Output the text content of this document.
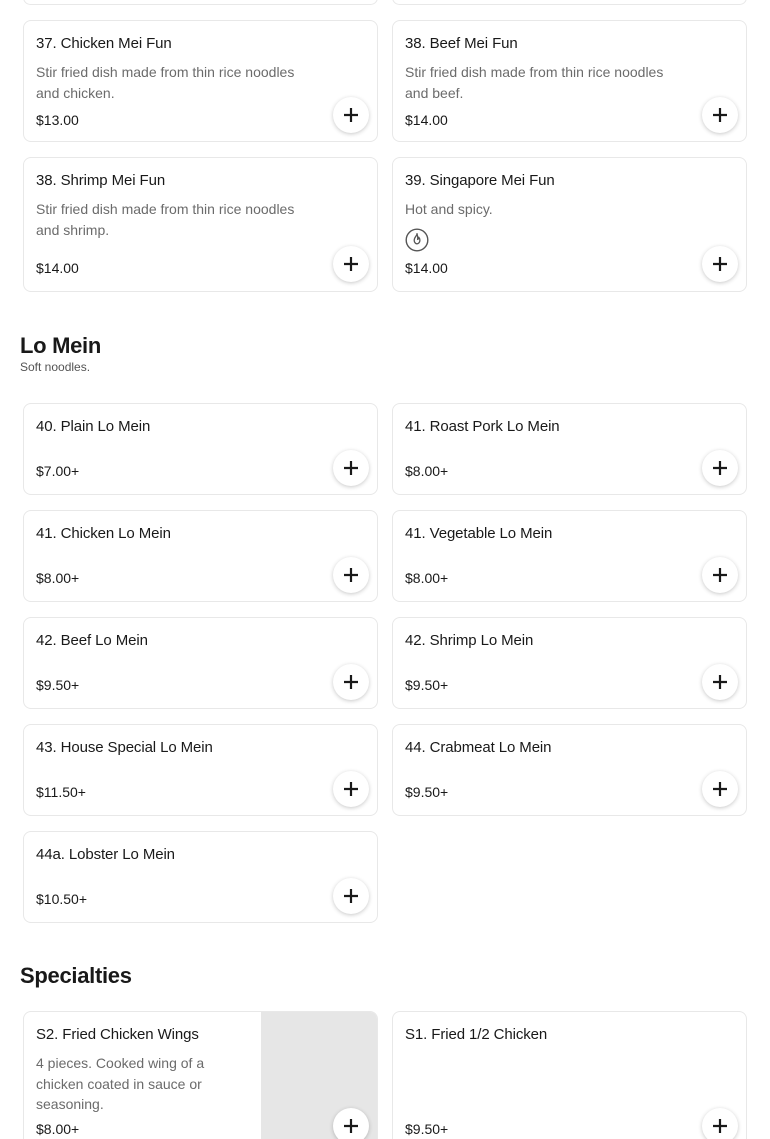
37. Chicken Mei Fun
Stir fried dish made from thin rice noodles and chicken.
$13.00
38. Beef Mei Fun
Stir fried dish made from thin rice noodles and beef.
$14.00
38. Shrimp Mei Fun
Stir fried dish made from thin rice noodles and shrimp.
$14.00
39. Singapore Mei Fun
Hot and spicy.
$14.00
Lo Mein
Soft noodles.
40. Plain Lo Mein
$7.00+
41. Roast Pork Lo Mein
$8.00+
41. Chicken Lo Mein
$8.00+
41. Vegetable Lo Mein
$8.00+
42. Beef Lo Mein
$9.50+
42. Shrimp Lo Mein
$9.50+
43. House Special Lo Mein
$11.50+
44. Crabmeat Lo Mein
$9.50+
44a. Lobster Lo Mein
$10.50+
Specialties
S2. Fried Chicken Wings
4 pieces. Cooked wing of a chicken coated in sauce or seasoning.
$8.00+
S1. Fried 1/2 Chicken
$9.50+
